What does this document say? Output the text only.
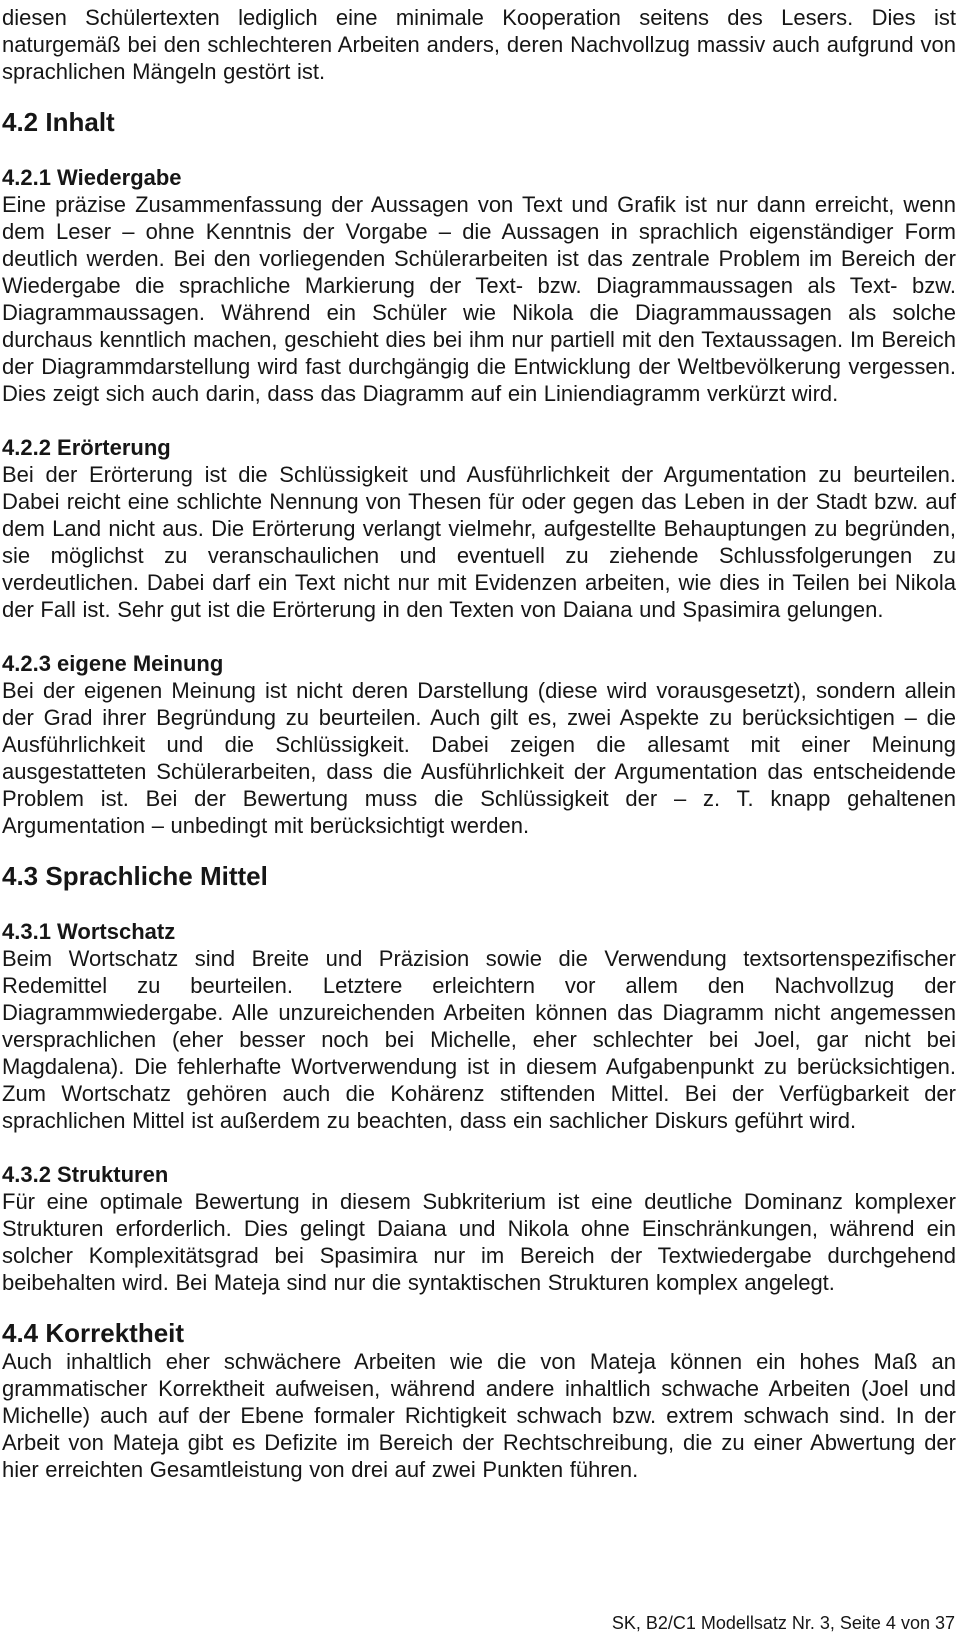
diesen Schülertexten lediglich eine minimale Kooperation seitens des Lesers. Dies ist naturgemäß bei den schlechteren Arbeiten anders, deren Nachvollzug massiv auch aufgrund von sprachlichen Mängeln gestört ist.

4.2 Inhalt
4.2.1 Wiedergabe

Eine präzise Zusammenfassung der Aussagen von Text und Grafik ist nur dann erreicht, wenn dem Leser – ohne Kenntnis der Vorgabe – die Aussagen in sprachlich eigenständiger Form deutlich werden. Bei den vorliegenden Schülerarbeiten ist das zentrale Problem im Bereich der Wiedergabe die sprachliche Markierung der Text- bzw. Diagrammaussagen als Text- bzw. Diagrammaussagen. Während ein Schüler wie Nikola die Diagrammaussagen als solche durchaus kenntlich machen, geschieht dies bei ihm nur partiell mit den Textaussagen. Im Bereich der Diagrammdarstellung wird fast durchgängig die Entwicklung der Weltbevölkerung vergessen. Dies zeigt sich auch darin, dass das Diagramm auf ein Liniendiagramm verkürzt wird.

4.2.2 Erörterung

Bei der Erörterung ist die Schlüssigkeit und Ausführlichkeit der Argumentation zu beurteilen. Dabei reicht eine schlichte Nennung von Thesen für oder gegen das Leben in der Stadt bzw. auf dem Land nicht aus. Die Erörterung verlangt vielmehr, aufgestellte Behauptungen zu begründen, sie möglichst zu veranschaulichen und eventuell zu ziehende Schlussfolgerungen zu verdeutlichen. Dabei darf ein Text nicht nur mit Evidenzen arbeiten, wie dies in Teilen bei Nikola der Fall ist. Sehr gut ist die Erörterung in den Texten von Daiana und Spasimira gelungen.

4.2.3 eigene Meinung

Bei der eigenen Meinung ist nicht deren Darstellung (diese wird vorausgesetzt), sondern allein der Grad ihrer Begründung zu beurteilen. Auch gilt es, zwei Aspekte zu berücksichtigen – die Ausführlichkeit und die Schlüssigkeit. Dabei zeigen die allesamt mit einer Meinung ausgestatteten Schülerarbeiten, dass die Ausführlichkeit der Argumentation das entscheidende Problem ist. Bei der Bewertung muss die Schlüssigkeit der – z. T. knapp gehaltenen Argumentation – unbedingt mit berücksichtigt werden.

4.3 Sprachliche Mittel
4.3.1 Wortschatz

Beim Wortschatz sind Breite und Präzision sowie die Verwendung textsortenspezifischer Redemittel zu beurteilen. Letztere erleichtern vor allem den Nachvollzug der Diagrammwiedergabe. Alle unzureichenden Arbeiten können das Diagramm nicht angemessen versprachlichen (eher besser noch bei Michelle, eher schlechter bei Joel, gar nicht bei Magdalena). Die fehlerhafte Wortverwendung ist in diesem Aufgabenpunkt zu berücksichtigen. Zum Wortschatz gehören auch die Kohärenz stiftenden Mittel. Bei der Verfügbarkeit der sprachlichen Mittel ist außerdem zu beachten, dass ein sachlicher Diskurs geführt wird.

4.3.2 Strukturen

Für eine optimale Bewertung in diesem Subkriterium ist eine deutliche Dominanz komplexer Strukturen erforderlich. Dies gelingt Daiana und Nikola ohne Einschränkungen, während ein solcher Komplexitätsgrad bei Spasimira nur im Bereich der Textwiedergabe durchgehend beibehalten wird. Bei Mateja sind nur die syntaktischen Strukturen komplex angelegt.

4.4 Korrektheit

Auch inhaltlich eher schwächere Arbeiten wie die von Mateja können ein hohes Maß an grammatischer Korrektheit aufweisen, während andere inhaltlich schwache Arbeiten (Joel und Michelle) auch auf der Ebene formaler Richtigkeit schwach bzw. extrem schwach sind. In der Arbeit von Mateja gibt es Defizite im Bereich der Rechtschreibung, die zu einer Abwertung der hier erreichten Gesamtleistung von drei auf zwei Punkten führen.

SK, B2/C1 Modellsatz Nr. 3, Seite 4 von 37
